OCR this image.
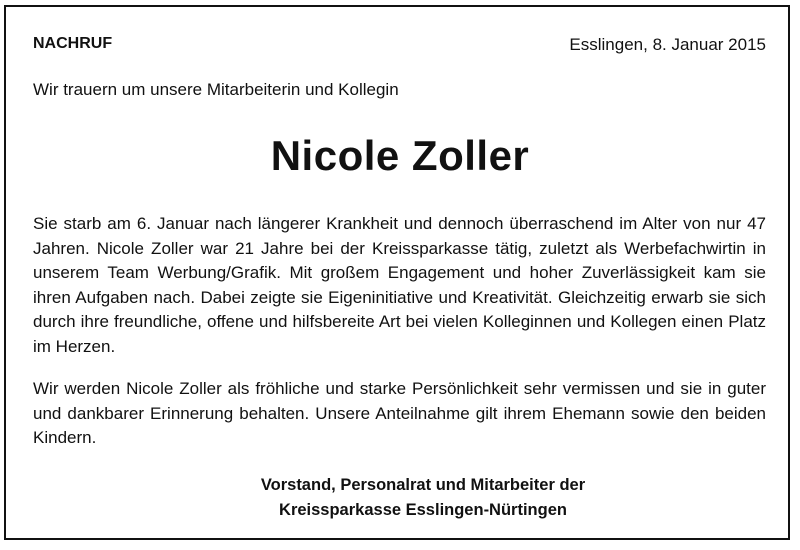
NACHRUF	Esslingen, 8. Januar 2015
Wir trauern um unsere Mitarbeiterin und Kollegin
Nicole Zoller

Sie starb am 6. Januar nach längerer Krankheit und dennoch überraschend im Alter von nur 47 Jahren. Nicole Zoller war 21 Jahre bei der Kreissparkasse tätig, zuletzt als Werbefachwirtin in unserem Team Werbung/Grafik. Mit großem Engagement und hoher Zuverlässigkeit kam sie ihren Aufgaben nach. Dabei zeigte sie Eigeninitiative und Kreativität. Gleichzeitig erwarb sie sich durch ihre freundliche, offene und hilfsbereite Art bei vielen Kolleginnen und Kollegen einen Platz im Herzen.

Wir werden Nicole Zoller als fröhliche und starke Persönlichkeit sehr vermissen und sie in guter und dankbarer Erinnerung behalten. Unsere Anteilnahme gilt ihrem Ehemann sowie den beiden Kindern.

Vorstand, Personalrat und Mitarbeiter der
Kreissparkasse Esslingen-Nürtingen
